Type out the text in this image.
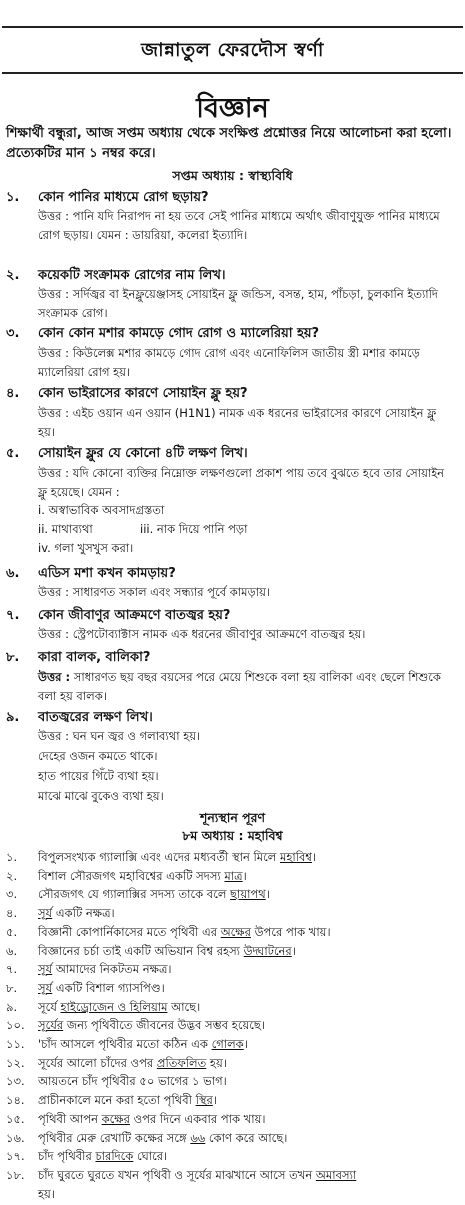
জান্নাতুল ফেরদৌস স্বর্ণা
বিজ্ঞান
শিক্ষার্থী বন্ধুরা, আজ সপ্তম অধ্যায় থেকে সংক্ষিপ্ত প্রশ্নোত্তর নিয়ে আলোচনা করা হলো। প্রত্যেকটির মান ১ নম্বর করে।
সপ্তম অধ্যায় : স্বাস্থ্যবিধি
১. কোন পানির মাধ্যমে রোগ ছড়ায়?
উত্তর : পানি যদি নিরাপদ না হয় তবে সেই পানির মাধ্যমে অর্থাৎ জীবাণুযুক্ত পানির মাধ্যমে রোগ ছড়ায়। যেমন : ডায়রিয়া, কলেরা ইত্যাদি।
২. কয়েকটি সংক্রামক রোগের নাম লিখ।
উত্তর : সর্দিজ্বর বা ইনফ্লুয়েঞ্জাসহ সোয়াইন ফ্লু জন্ডিস, বসন্ত, হাম, পাঁচড়া, চুলকানি ইত্যাদি সংক্রামক রোগ।
৩. কোন কোন মশার কামড়ে গোদ রোগ ও ম্যালেরিয়া হয়?
উত্তর : কিউলেক্স মশার কামড়ে গোদ রোগ এবং এনোফিলিস জাতীয় স্ত্রী মশার কামড়ে ম্যালেরিয়া রোগ হয়।
৪. কোন ভাইরাসের কারণে সোয়াইন ফ্লু হয়?
উত্তর : এইচ ওয়ান এন ওয়ান (H1N1) নামক এক ধরনের ভাইরাসের কারণে সোয়াইন ফ্লু হয়।
৫. সোয়াইন ফ্লুর যে কোনো ৪টি লক্ষণ লিখ।
উত্তর : যদি কোনো ব্যক্তির নিম্নোক্ত লক্ষণগুলো প্রকাশ পায় তবে বুঝতে হবে তার সোয়াইন ফ্লু হয়েছে। যেমন :
i. অস্বাভাবিক অবসাদগ্রস্ততা
ii. মাথাব্যথা	iii. নাক দিয়ে পানি পড়া
iv. গলা খুসখুস করা।
৬. এডিস মশা কখন কামড়ায়?
উত্তর : সাধারণত সকাল এবং সন্ধ্যার পূর্বে কামড়ায়।
৭. কোন জীবাণুর আক্রমণে বাতজ্বর হয়?
উত্তর : স্ট্রেপটোব্যাক্টাস নামক এক ধরনের জীবাণুর আক্রমণে বাতজ্বর হয়।
৮. কারা বালক, বালিকা?
উত্তর : সাধারণত ছয় বছর বয়সের পরে মেয়ে শিশুকে বলা হয় বালিকা এবং ছেলে শিশুকে বলা হয় বালক।
৯. বাতজ্বরের লক্ষণ লিখ।
উত্তর : ঘন ঘন জ্বর ও গলাব্যথা হয়।
দেহের ওজন কমতে থাকে।
হাত পায়ের গিঁটে ব্যথা হয়।
মাঝে মাঝে বুকেও ব্যথা হয়।
শূন্যস্থান পূরণ
৮ম অধ্যায় : মহাবিশ্ব
১. বিপুলসংখ্যক গ্যালাক্সি এবং এদের মধ্যবর্তী স্থান মিলে মহাবিশ্ব।
২. বিশাল সৌরজগৎ মহাবিশ্বের একটি সদস্য মাত্র।
৩. সৌরজগৎ যে গ্যালাক্সির সদস্য তাকে বলে ছায়াপথ।
৪. সূর্য একটি নক্ষত্র।
৫. বিজ্ঞানী কোপার্নিকাসের মতে পৃথিবী এর অক্ষের উপরে পাক খায়।
৬. বিজ্ঞানের চর্চা তাই একটি অভিযান বিশ্ব রহস্য উদ্ঘাটনের।
৭. সূর্য আমাদের নিকটতম নক্ষত্র।
৮. সূর্য একটি বিশাল গ্যাসপিণ্ড।
৯. সূর্যে হাইড্রোজেন ও হিলিয়াম আছে।
১০. সূর্যের জন্য পৃথিবীতে জীবনের উদ্ভব সম্ভব হয়েছে।
১১. 'চাঁদ আসলে পৃথিবীর মতো কঠিন এক গোলক।
১২. সূর্যের আলো চাঁদের ওপর প্রতিফলিত হয়।
১৩. আয়তনে চাঁদ পৃথিবীর ৫০ ভাগের ১ ভাগ।
১৪. প্রাচীনকালে মনে করা হতো পৃথিবী স্থির।
১৫. পৃথিবী আপন কক্ষের ওপর দিনে একবার পাক খায়।
১৬. পৃথিবীর মেরু রেখাটি কক্ষের সঙ্গে ৬৬ কোণ করে আছে।
১৭. চাঁদ পৃথিবীর চারদিকে ঘোরে।
১৮. চাঁদ ঘুরতে ঘুরতে যখন পৃথিবী ও সূর্যের মাঝখানে আসে তখন অমাবস্যা
হয়।
